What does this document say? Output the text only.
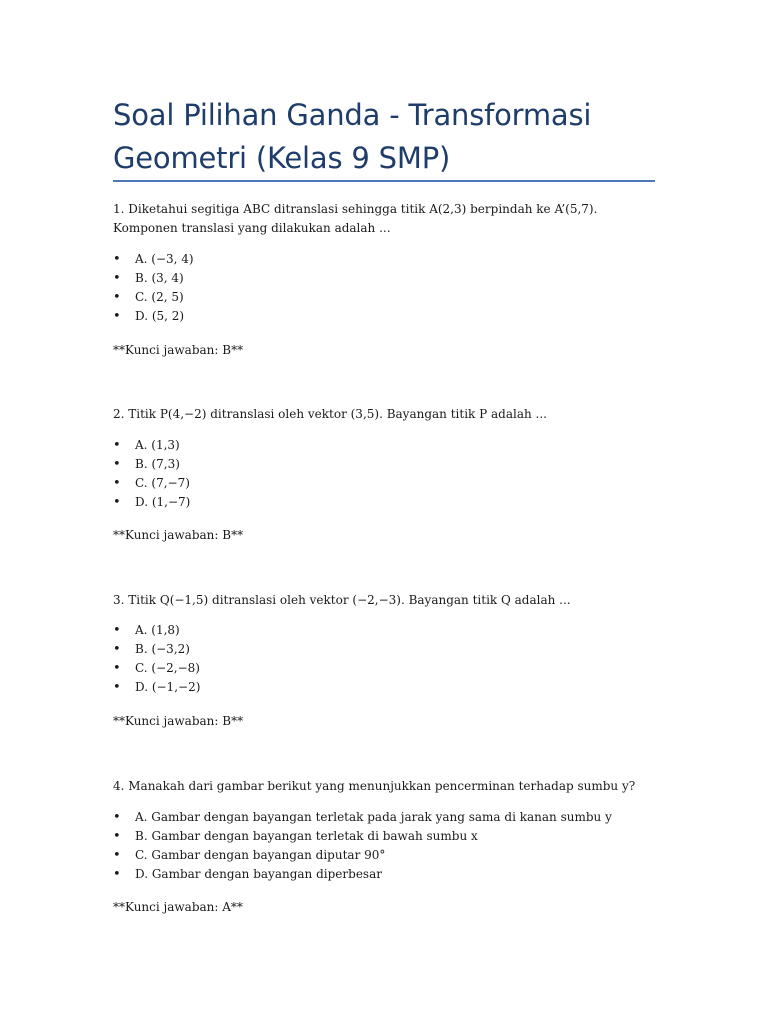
Soal Pilihan Ganda - Transformasi Geometri (Kelas 9 SMP)

1. Diketahui segitiga ABC ditranslasi sehingga titik A(2,3) berpindah ke A’(5,7). Komponen translasi yang dilakukan adalah ...

• A. (−3, 4)
• B. (3, 4)
• C. (2, 5)
• D. (5, 2)

**Kunci jawaban: B**

2. Titik P(4,−2) ditranslasi oleh vektor (3,5). Bayangan titik P adalah ...

• A. (1,3)
• B. (7,3)
• C. (7,−7)
• D. (1,−7)

**Kunci jawaban: B**

3. Titik Q(−1,5) ditranslasi oleh vektor (−2,−3). Bayangan titik Q adalah ...

• A. (1,8)
• B. (−3,2)
• C. (−2,−8)
• D. (−1,−2)

**Kunci jawaban: B**

4. Manakah dari gambar berikut yang menunjukkan pencerminan terhadap sumbu y?

• A. Gambar dengan bayangan terletak pada jarak yang sama di kanan sumbu y
• B. Gambar dengan bayangan terletak di bawah sumbu x
• C. Gambar dengan bayangan diputar 90°
• D. Gambar dengan bayangan diperbesar

**Kunci jawaban: A**
